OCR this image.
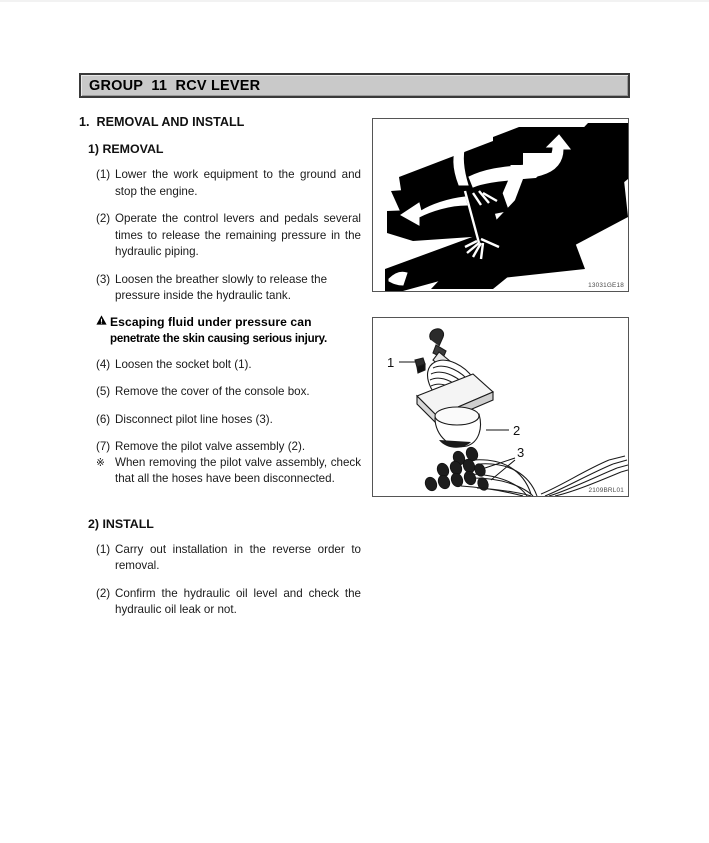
GROUP  11  RCV LEVER

1.  REMOVAL AND INSTALL

1) REMOVAL

(1) Lower the work equipment to the ground and stop the engine.
(2) Operate the control levers and pedals several times to release the remaining pressure in the hydraulic piping.
(3) Loosen the breather slowly to release the pressure inside the hydraulic tank.
Escaping fluid under pressure can
penetrate the skin causing serious injury.
(4) Loosen the socket bolt (1).
(5) Remove the cover of the console box.
(6) Disconnect pilot line hoses (3).
(7) Remove the pilot valve assembly (2).
※ When removing the pilot valve assembly, check that all the hoses have been disconnected.

2) INSTALL

(1) Carry out installation in the reverse order to removal.
(2) Confirm the hydraulic oil level and check the hydraulic oil leak or not.
13031GE18
1
2
3
2109BRL01
